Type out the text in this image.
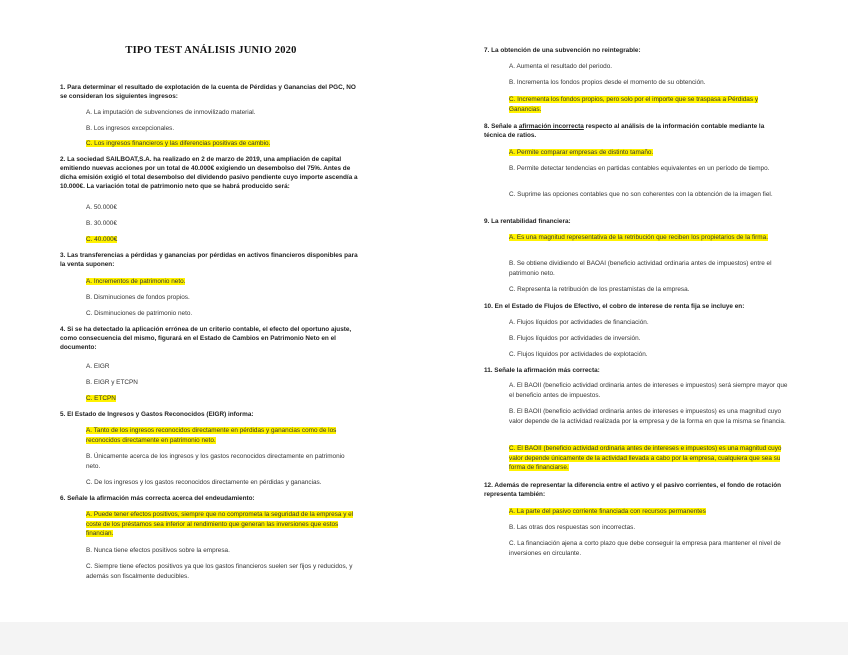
TIPO TEST ANÁLISIS JUNIO 2020
1. Para determinar el resultado de explotación de la cuenta de Pérdidas y Ganancias del PGC, NO se consideran los siguientes ingresos:
A. La imputación de subvenciones de inmovilizado material.
B. Los ingresos excepcionales.
C. Los ingresos financieros y las diferencias positivas de cambio.
2. La sociedad SAILBOAT,S.A. ha realizado en 2 de marzo de 2019, una ampliación de capital emitiendo nuevas acciones por un total de 40.000€ exigiendo un desembolso del 75%. Antes de dicha emisión exigió el total desembolso del dividendo pasivo pendiente cuyo importe ascendía a 10.000€. La variación total de patrimonio neto que se habrá producido será:
A. 50.000€
B. 30.000€
C. 40.000€
3. Las transferencias a pérdidas y ganancias por pérdidas en activos financieros disponibles para la venta suponen:
A. Incrementos de patrimonio neto.
B. Disminuciones de fondos propios.
C. Disminuciones de patrimonio neto.
4. Si se ha detectado la aplicación errónea de un criterio contable, el efecto del oportuno ajuste, como consecuencia del mismo, figurará en el Estado de Cambios en Patrimonio Neto en el documento:
A. EIGR
B. EIGR y ETCPN
C. ETCPN
5. El Estado de Ingresos y Gastos Reconocidos (EIGR) informa:
A. Tanto de los ingresos reconocidos directamente en pérdidas y ganancias como de los reconocidos directamente en patrimonio neto.
B. Únicamente acerca de los ingresos y los gastos reconocidos directamente en patrimonio neto.
C. De los ingresos y los gastos reconocidos directamente en pérdidas y ganancias.
6. Señale la afirmación más correcta acerca del endeudamiento:
A. Puede tener efectos positivos, siempre que no comprometa la seguridad de la empresa y el coste de los préstamos sea inferior al rendimiento que generan las inversiones que estos financian.
B. Nunca tiene efectos positivos sobre la empresa.
C. Siempre tiene efectos positivos ya que los gastos financieros suelen ser fijos y reducidos, y además son fiscalmente deducibles.
7. La obtención de una subvención no reintegrable:
A. Aumenta el resultado del periodo.
B. Incrementa los fondos propios desde el momento de su obtención.
C. Incrementa los fondos propios, pero solo por el importe que se traspasa a Pérdidas y Ganancias.
8. Señale a afirmación incorrecta respecto al análisis de la información contable mediante la técnica de ratios.
A. Permite comparar empresas de distinto tamaño.
B. Permite detectar tendencias en partidas contables equivalentes en un período de tiempo.
C. Suprime las opciones contables que no son coherentes con la obtención de la imagen fiel.
9. La rentabilidad financiera:
A. Es una magnitud representativa de la retribución que reciben los propietarios de la firma.
B. Se obtiene dividiendo el BAOAI (beneficio actividad ordinaria antes de impuestos) entre el patrimonio neto.
C. Representa la retribución de los prestamistas de la empresa.
10. En el Estado de Flujos de Efectivo, el cobro de interese de renta fija se incluye en:
A. Flujos líquidos por actividades de financiación.
B. Flujos líquidos por actividades de inversión.
C. Flujos líquidos por actividades de explotación.
11. Señale la afirmación más correcta:
A. El BAOII (beneficio actividad ordinaria antes de intereses e impuestos) será siempre mayor que el beneficio antes de impuestos.
B. El BAOII (beneficio actividad ordinaria antes de intereses e impuestos) es una magnitud cuyo valor depende de la actividad realizada por la empresa y de la forma en que la misma se financia.
C. El BAOII (beneficio actividad ordinaria antes de intereses e impuestos) es una magnitud cuyo valor depende únicamente de la actividad llevada a cabo por la empresa, cualquiera que sea su forma de financiarse.
12. Además de representar la diferencia entre el activo y el pasivo corrientes, el fondo de rotación representa también:
A. La parte del pasivo corriente financiada con recursos permanentes
B. Las otras dos respuestas son incorrectas.
C. La financiación ajena a corto plazo que debe conseguir la empresa para mantener el nivel de inversiones en circulante.
